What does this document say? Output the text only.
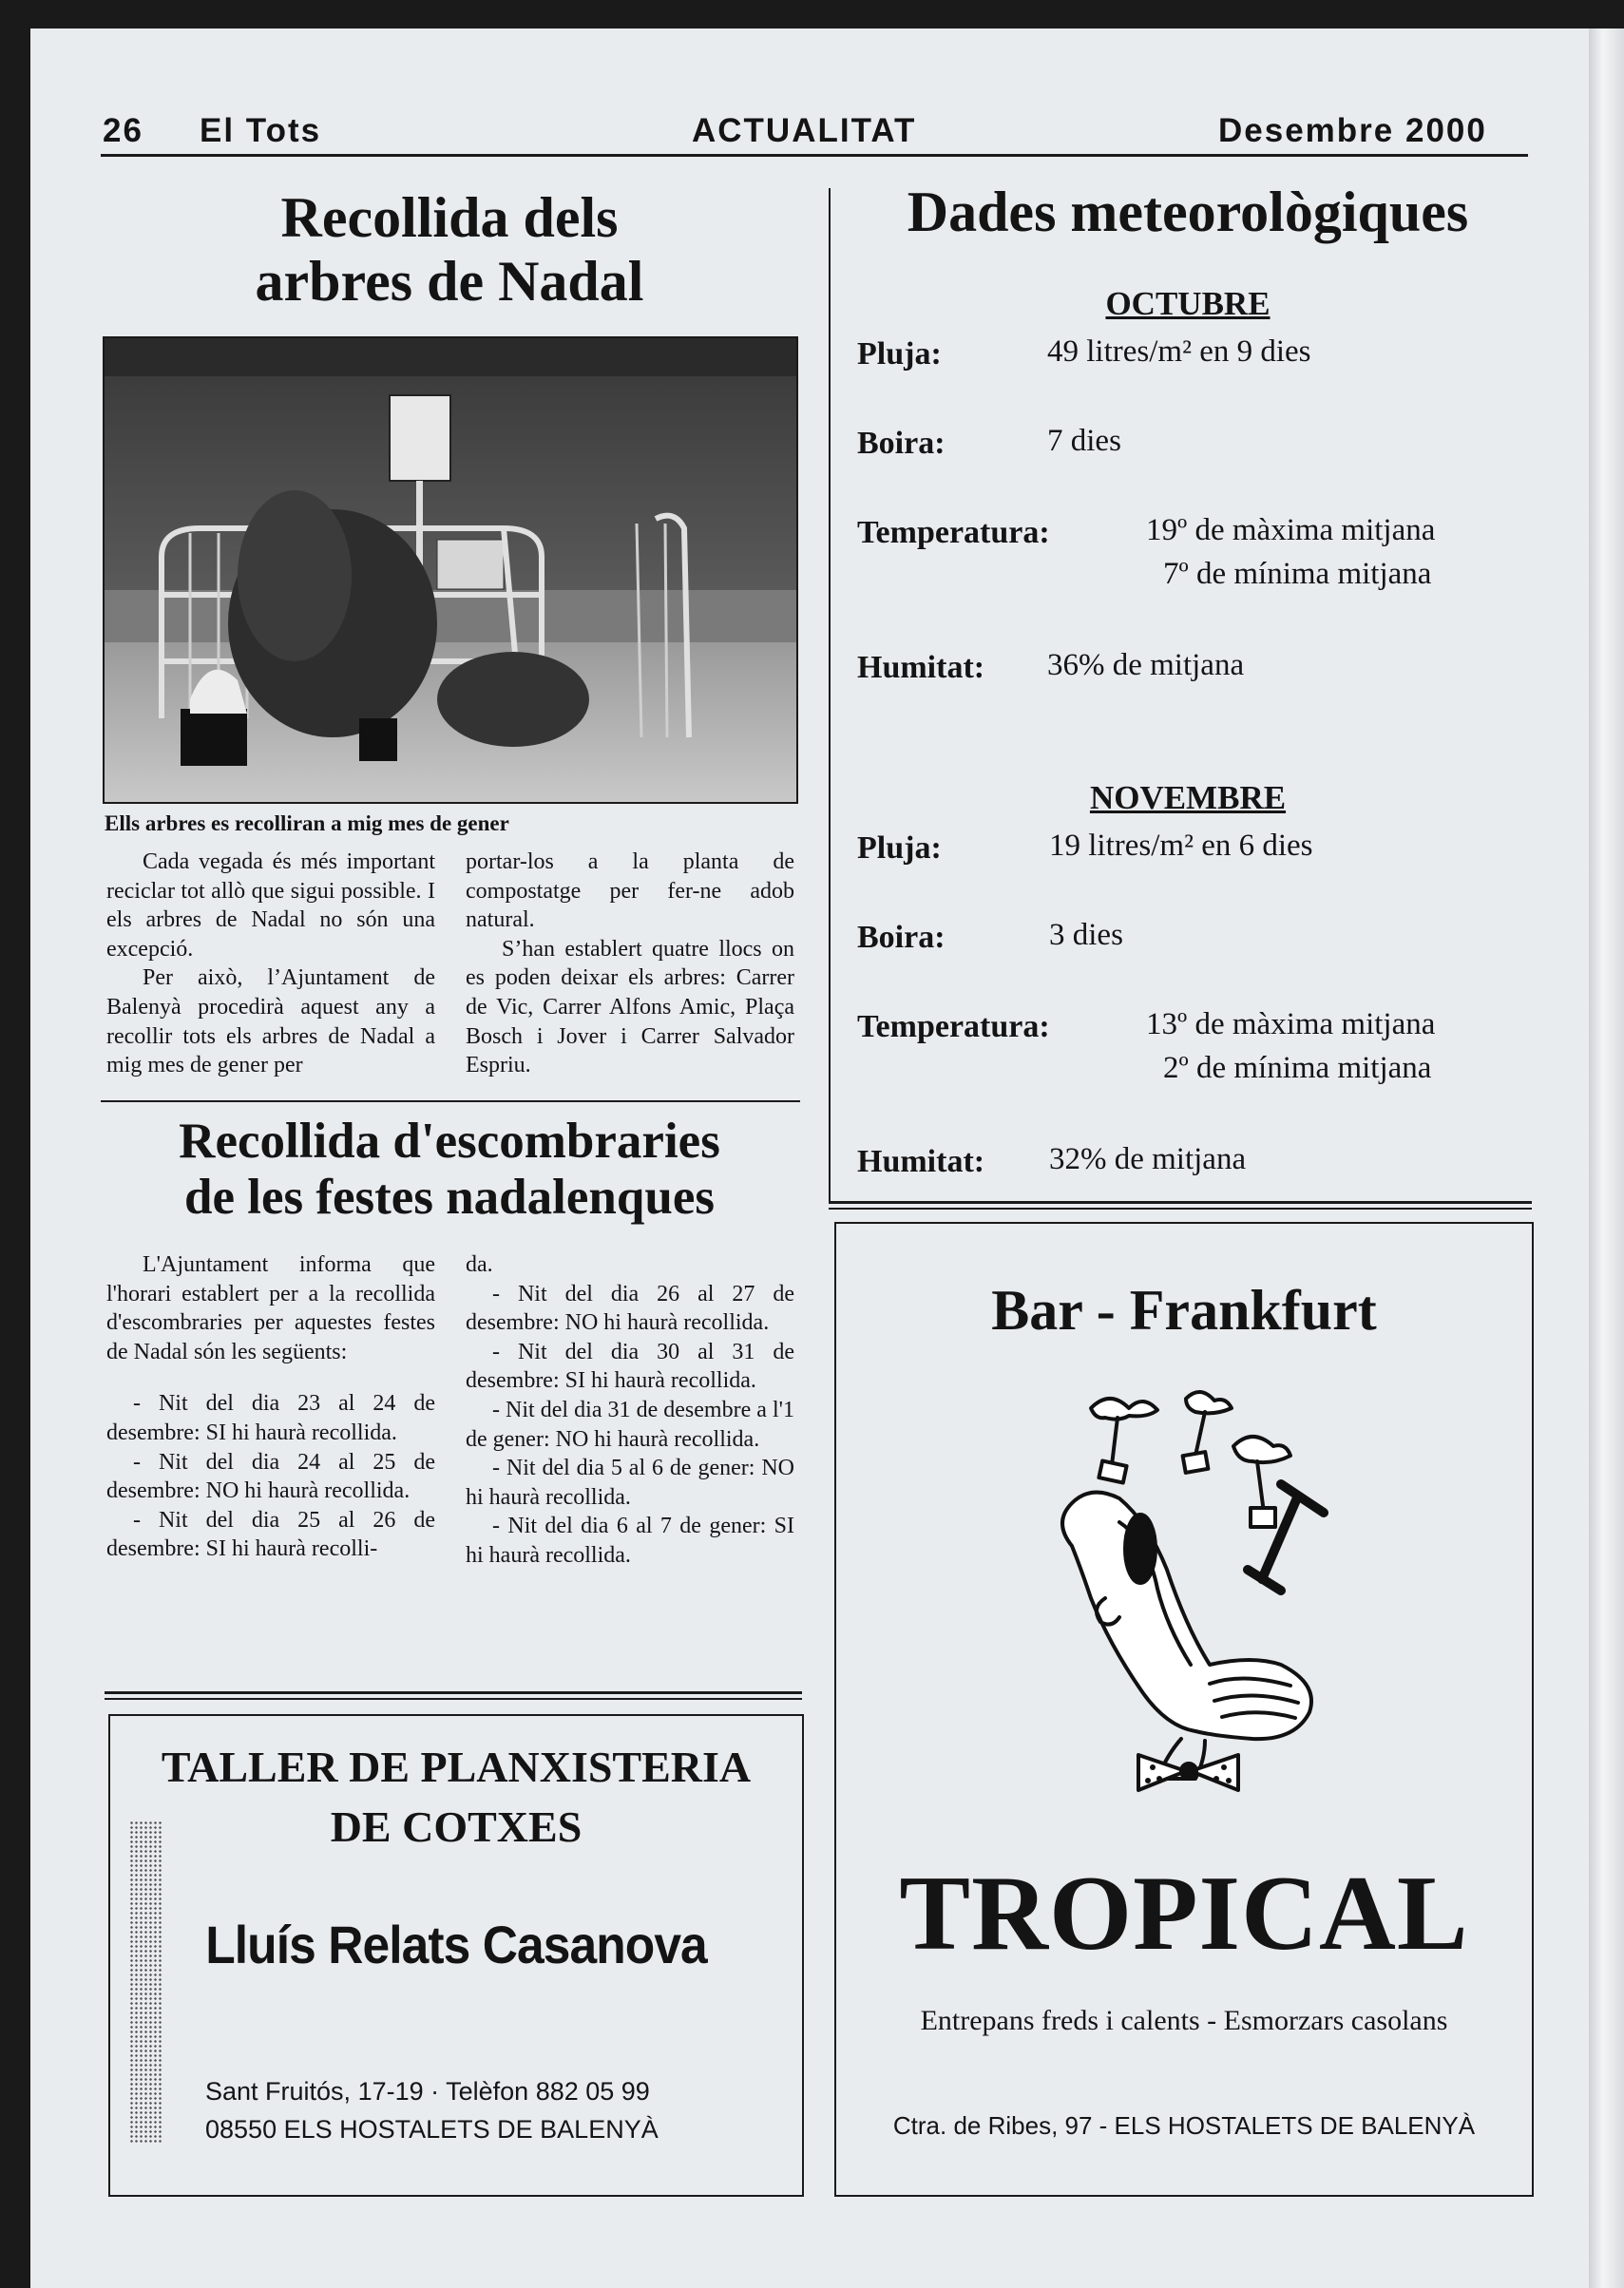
26 El Tots	ACTUALITAT	Desembre 2000
Recollida dels
arbres de Nadal
Ells arbres es recolliran a mig mes de gener

Cada vegada és més important reciclar tot allò que sigui possible. I els arbres de Nadal no són una excepció.

Per això, l’Ajuntament de Balenyà procedirà aquest any a recollir tots els arbres de Nadal a mig mes de gener per

portar-los a la planta de compostatge per fer-ne adob natural.

S’han establert quatre llocs on es poden deixar els arbres: Carrer de Vic, Carrer Alfons Amic, Plaça Bosch i Jover i Carrer Salvador Espriu.

Recollida d'escombraries
de les festes nadalenques

L'Ajuntament informa que l'horari establert per a la recollida d'escombraries per aquestes festes de Nadal són les següents:

- Nit del dia 23 al 24 de desembre: SI hi haurà recollida.

- Nit del dia 24 al 25 de desembre: NO hi haurà recollida.

- Nit del dia 25 al 26 de desembre: SI hi haurà recolli-

da.

- Nit del dia 26 al 27 de desembre: NO hi haurà recollida.

- Nit del dia 30 al 31 de desembre: SI hi haurà recollida.

- Nit del dia 31 de desembre a l'1 de gener: NO hi haurà recollida.

- Nit del dia 5 al 6 de gener: NO hi haurà recollida.

- Nit del dia 6 al 7 de gener: SI hi haurà recollida.

Dades meteorològiques
OCTUBRE
Pluja:	49 litres/m² en 9 dies
Boira:	7 dies
Temperatura:	19º de màxima mitjana
7º de mínima mitjana
Humitat: 36% de mitjana
NOVEMBRE
Pluja:	19 litres/m² en 6 dies
Boira:	3 dies
Temperatura:	13º de màxima mitjana
2º de mínima mitjana
Humitat: 32% de mitjana
Bar - Frankfurt
TROPICAL
Entrepans freds i calents - Esmorzars casolans
Ctra. de Ribes, 97 - ELS HOSTALETS DE BALENYÀ
TALLER DE PLANXISTERIA
DE COTXES
Lluís Relats Casanova
Sant Fruitós, 17-19 · Telèfon 882 05 99
08550 ELS HOSTALETS DE BALENYÀ
